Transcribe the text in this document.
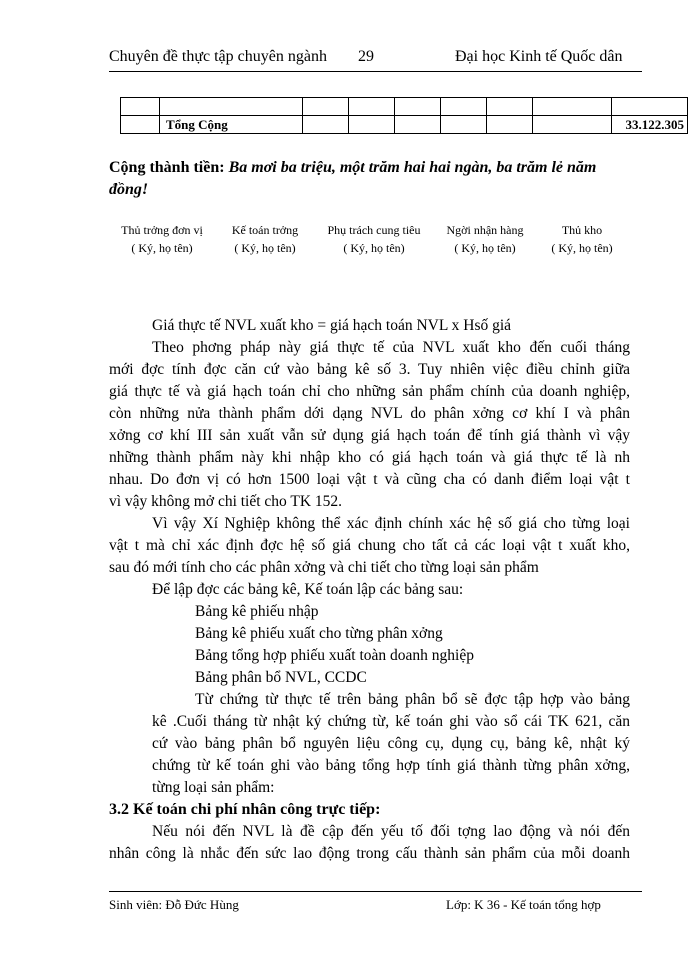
Chuyên đề thực tập chuyên ngành 29	Đại học Kinh tế Quốc dân

	Tổng Cộng							33.122.305
Cộng thành tiền: Ba mơi ba triệu, một trăm hai hai ngàn, ba trăm lẻ năm
đồng!
Thủ trởng đơn vị
( Ký, họ tên)
Kế toán trởng
( Ký, họ tên)
Phụ trách cung tiêu
( Ký, họ tên)
Ngời nhận hàng
( Ký, họ tên)
Thủ kho
( Ký, họ tên)
Giá thực tế NVL xuất kho = giá hạch toán NVL x Hsố giá
Theo phơng pháp này giá thực tế của NVL xuất kho đến cuối tháng
mới đợc tính đợc căn cứ vào bảng kê số 3. Tuy nhiên việc điều chỉnh giữa
giá thực tế và giá hạch toán chỉ cho những sản phẩm chính của doanh nghiệp,
còn những nửa thành phẩm dới dạng NVL do phân xởng cơ khí I và phân
xởng cơ khí III sản xuất vẫn sử dụng giá hạch toán để tính giá thành vì vậy
những thành phẩm này khi nhập kho có giá hạch toán và giá thực tế là nh
nhau. Do đơn vị có hơn 1500 loại vật t và cũng cha có danh điểm loại vật t
vì vậy không mở chi tiết cho TK 152.
Vì vậy Xí Nghiệp không thể xác định chính xác hệ số giá cho từng loại
vật t mà chỉ xác định đợc hệ số giá chung cho tất cả các loại vật t xuất kho,
sau đó mới tính cho các phân xởng và chi tiết cho từng loại sản phẩm
Để lập đợc các bảng kê, Kế toán lập các bảng sau:
Bảng kê phiếu nhập
Bảng kê phiếu xuất cho từng phân xởng
Bảng tổng hợp phiếu xuất toàn doanh nghiệp
Bảng phân bổ NVL, CCDC
Từ chứng từ thực tế trên bảng phân bổ sẽ đợc tập hợp vào bảng
kê .Cuối tháng từ nhật ký chứng từ, kế toán ghi vào sổ cái TK 621, căn
cứ vào bảng phân bổ nguyên liệu công cụ, dụng cụ, bảng kê, nhật ký
chứng từ kế toán ghi vào bảng tổng hợp tính giá thành từng phân xởng,
từng loại sản phẩm:
3.2 Kế toán chi phí nhân công trực tiếp:
Nếu nói đến NVL là đề cập đến yếu tố đối tợng lao động và nói đến
nhân công là nhắc đến sức lao động trong cấu thành sản phẩm của mỗi doanh
Sinh viên: Đỗ Đức Hùng	Lớp: K 36 - Kế toán tổng hợp
